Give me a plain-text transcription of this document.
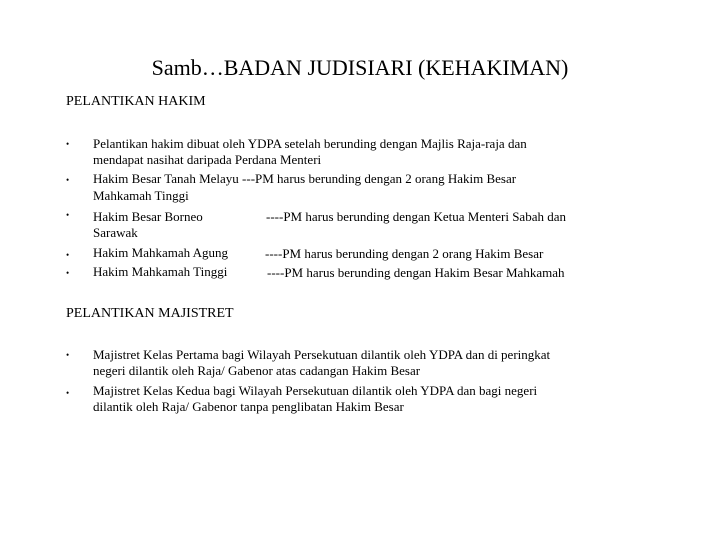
Samb…BADAN JUDISIARI (KEHAKIMAN)
PELANTIKAN HAKIM
• Pelantikan hakim dibuat oleh YDPA setelah berunding dengan Majlis Raja-raja dan
mendapat nasihat daripada Perdana Menteri
• Hakim Besar Tanah Melayu ---PM harus berunding dengan 2 orang Hakim Besar
Mahkamah Tinggi
• Hakim Besar Borneo	----PM harus berunding dengan Ketua Menteri Sabah dan
Sarawak
• Hakim Mahkamah Agung	----PM harus berunding dengan 2 orang Hakim Besar
• Hakim Mahkamah Tinggi	----PM harus berunding dengan Hakim Besar Mahkamah
PELANTIKAN MAJISTRET
• Majistret Kelas Pertama bagi Wilayah Persekutuan dilantik oleh YDPA dan di peringkat
negeri dilantik oleh Raja/ Gabenor atas cadangan Hakim Besar
• Majistret Kelas Kedua bagi Wilayah Persekutuan dilantik oleh YDPA dan bagi negeri
dilantik oleh Raja/ Gabenor tanpa penglibatan Hakim Besar
